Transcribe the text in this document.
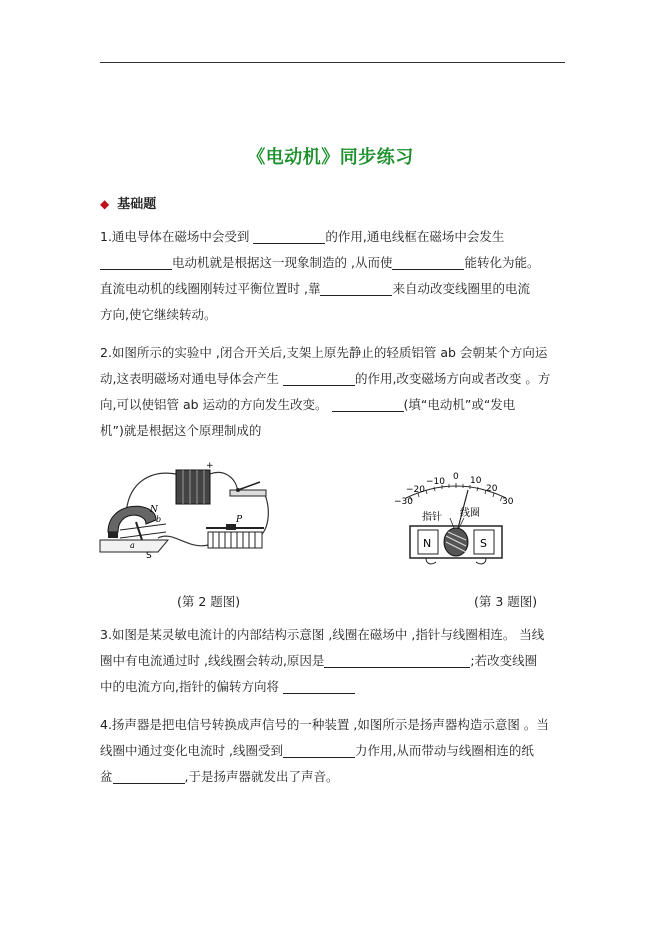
《电动机》同步练习
◆ 基础题

1.通电导体在磁场中会受到	的作用,通电线框在磁场中会发生

电动机就是根据这一现象制造的 ,从而使	能转化为能。

直流电动机的线圈刚转过平衡位置时 ,靠	来自动改变线圈里的电流

方向,使它继续转动。

2.如图所示的实验中 ,闭合开关后,支架上原先静止的轻质铝管 ab 会朝某个方向运

动,这表明磁场对通电导体会产生	的作用,改变磁场方向或者改变 。方

向,可以使铝管 ab 运动的方向发生改变。	(填“电动机”或“发电

机”)就是根据这个原理制成的

+
N
b
a
S
P
−30
−20
−10 0 10
20
30
指针 线圈
N	S
(第 2 题图)	(第 3 题图)

3.如图是某灵敏电流计的内部结构示意图 ,线圈在磁场中 ,指针与线圈相连。 当线

圈中有电流通过时 ,线线圈会转动,原因是	;若改变线圈

中的电流方向,指针的偏转方向将

4.扬声器是把电信号转换成声信号的一种装置 ,如图所示是扬声器构造示意图 。当

线圈中通过变化电流时 ,线圈受到	力作用,从而带动与线圈相连的纸

盆	,于是扬声器就发出了声音。
